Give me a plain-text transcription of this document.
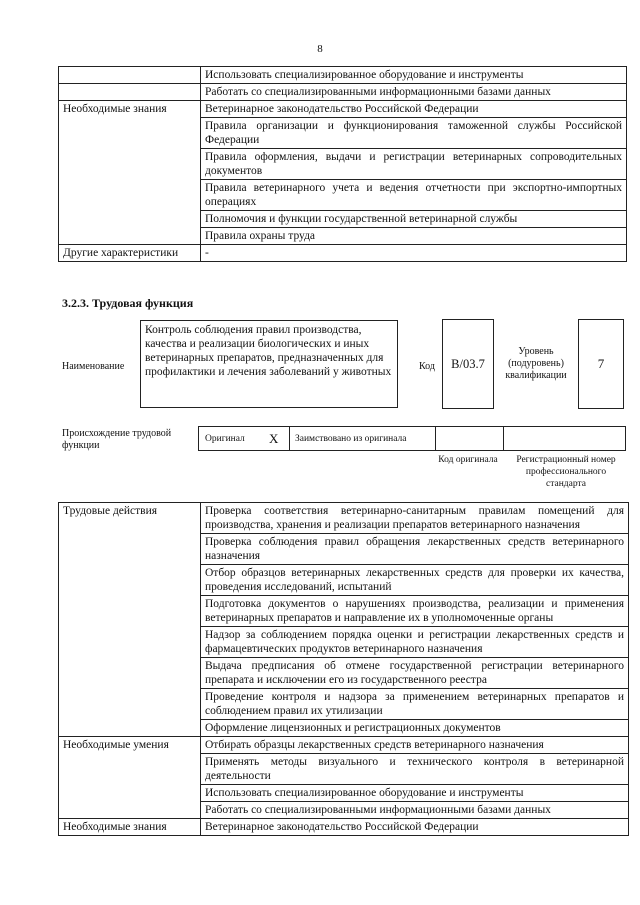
8
	Использовать специализированное оборудование и инструменты
	Работать со специализированными информационными базами данных
Необходимые знания	Ветеринарное законодательство Российской Федерации
	Правила организации и функционирования таможенной службы Российской Федерации
	Правила оформления, выдачи и регистрации ветеринарных сопроводительных документов
	Правила ветеринарного учета и ведения отчетности при экспортно-импортных операциях
	Полномочия и функции государственной ветеринарной службы
	Правила охраны труда
Другие характеристики	-
3.2.3. Трудовая функция
Наименование
Контроль соблюдения правил производства, качества и реализации биологических и иных ветеринарных препаратов, предназначенных для профилактики и лечения заболеваний у животных	Код	В/03.7
Уровень (подуровень) квалификации
7
Происхождение трудовой функции
Оригинал X Заимствовано из оригинала
Код оригинала	Регистрационный номер профессионального стандарта
Трудовые действия	Проверка соответствия ветеринарно-санитарным правилам помещений для производства, хранения и реализации препаратов ветеринарного назначения
	Проверка соблюдения правил обращения лекарственных средств ветеринарного назначения
	Отбор образцов ветеринарных лекарственных средств для проверки их качества, проведения исследований, испытаний
	Подготовка документов о нарушениях производства, реализации и применения ветеринарных препаратов и направление их в уполномоченные органы
	Надзор за соблюдением порядка оценки и регистрации лекарственных средств и фармацевтических продуктов ветеринарного назначения
	Выдача предписания об отмене государственной регистрации ветеринарного препарата и исключении его из государственного реестра
	Проведение контроля и надзора за применением ветеринарных препаратов и соблюдением правил их утилизации
	Оформление лицензионных и регистрационных документов
Необходимые умения	Отбирать образцы лекарственных средств ветеринарного назначения
	Применять методы визуального и технического контроля в ветеринарной деятельности
	Использовать специализированное оборудование и инструменты
	Работать со специализированными информационными базами данных
Необходимые знания	Ветеринарное законодательство Российской Федерации
